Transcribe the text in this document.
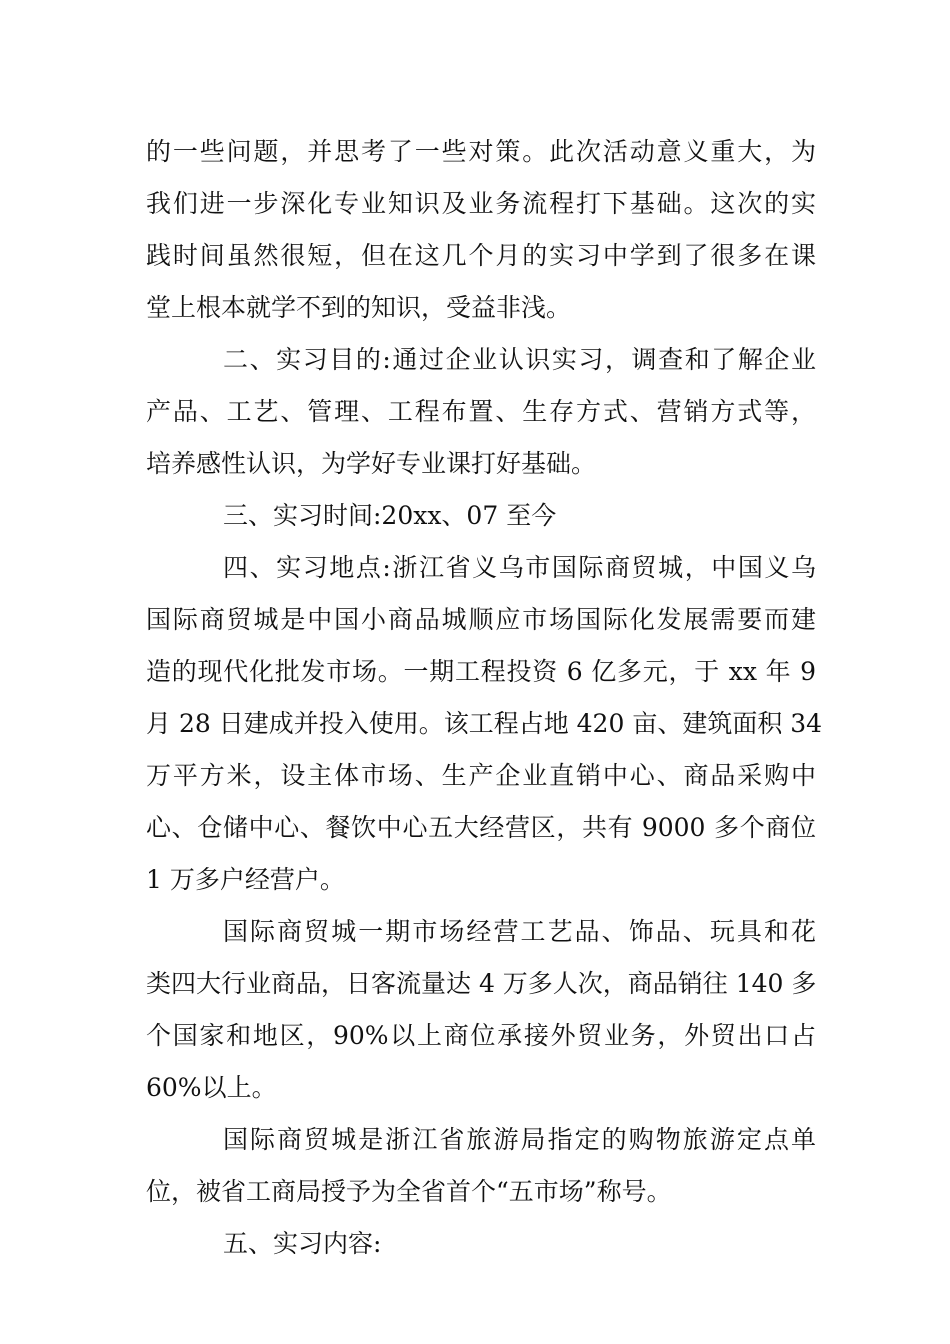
的一些问题，并思考了一些对策。此次活动意义重大，为

我们进一步深化专业知识及业务流程打下基础。这次的实

践时间虽然很短，但在这几个月的实习中学到了很多在课

堂上根本就学不到的知识，受益非浅。

二、实习目的:通过企业认识实习，调查和了解企业

产品、工艺、管理、工程布置、生存方式、营销方式等，

培养感性认识，为学好专业课打好基础。

三、实习时间:20xx、07 至今

四、实习地点:浙江省义乌市国际商贸城，中国义乌

国际商贸城是中国小商品城顺应市场国际化发展需要而建

造的现代化批发市场。一期工程投资 6 亿多元，于 xx 年 9

月 28 日建成并投入使用。该工程占地 420 亩、建筑面积 34

万平方米，设主体市场、生产企业直销中心、商品采购中

心、仓储中心、餐饮中心五大经营区，共有 9000 多个商位

1 万多户经营户。

国际商贸城一期市场经营工艺品、饰品、玩具和花

类四大行业商品，日客流量达 4 万多人次，商品销往 140 多

个国家和地区，90%以上商位承接外贸业务，外贸出口占

60%以上。

国际商贸城是浙江省旅游局指定的购物旅游定点单

位，被省工商局授予为全省首个“五市场”称号。

五、实习内容:
